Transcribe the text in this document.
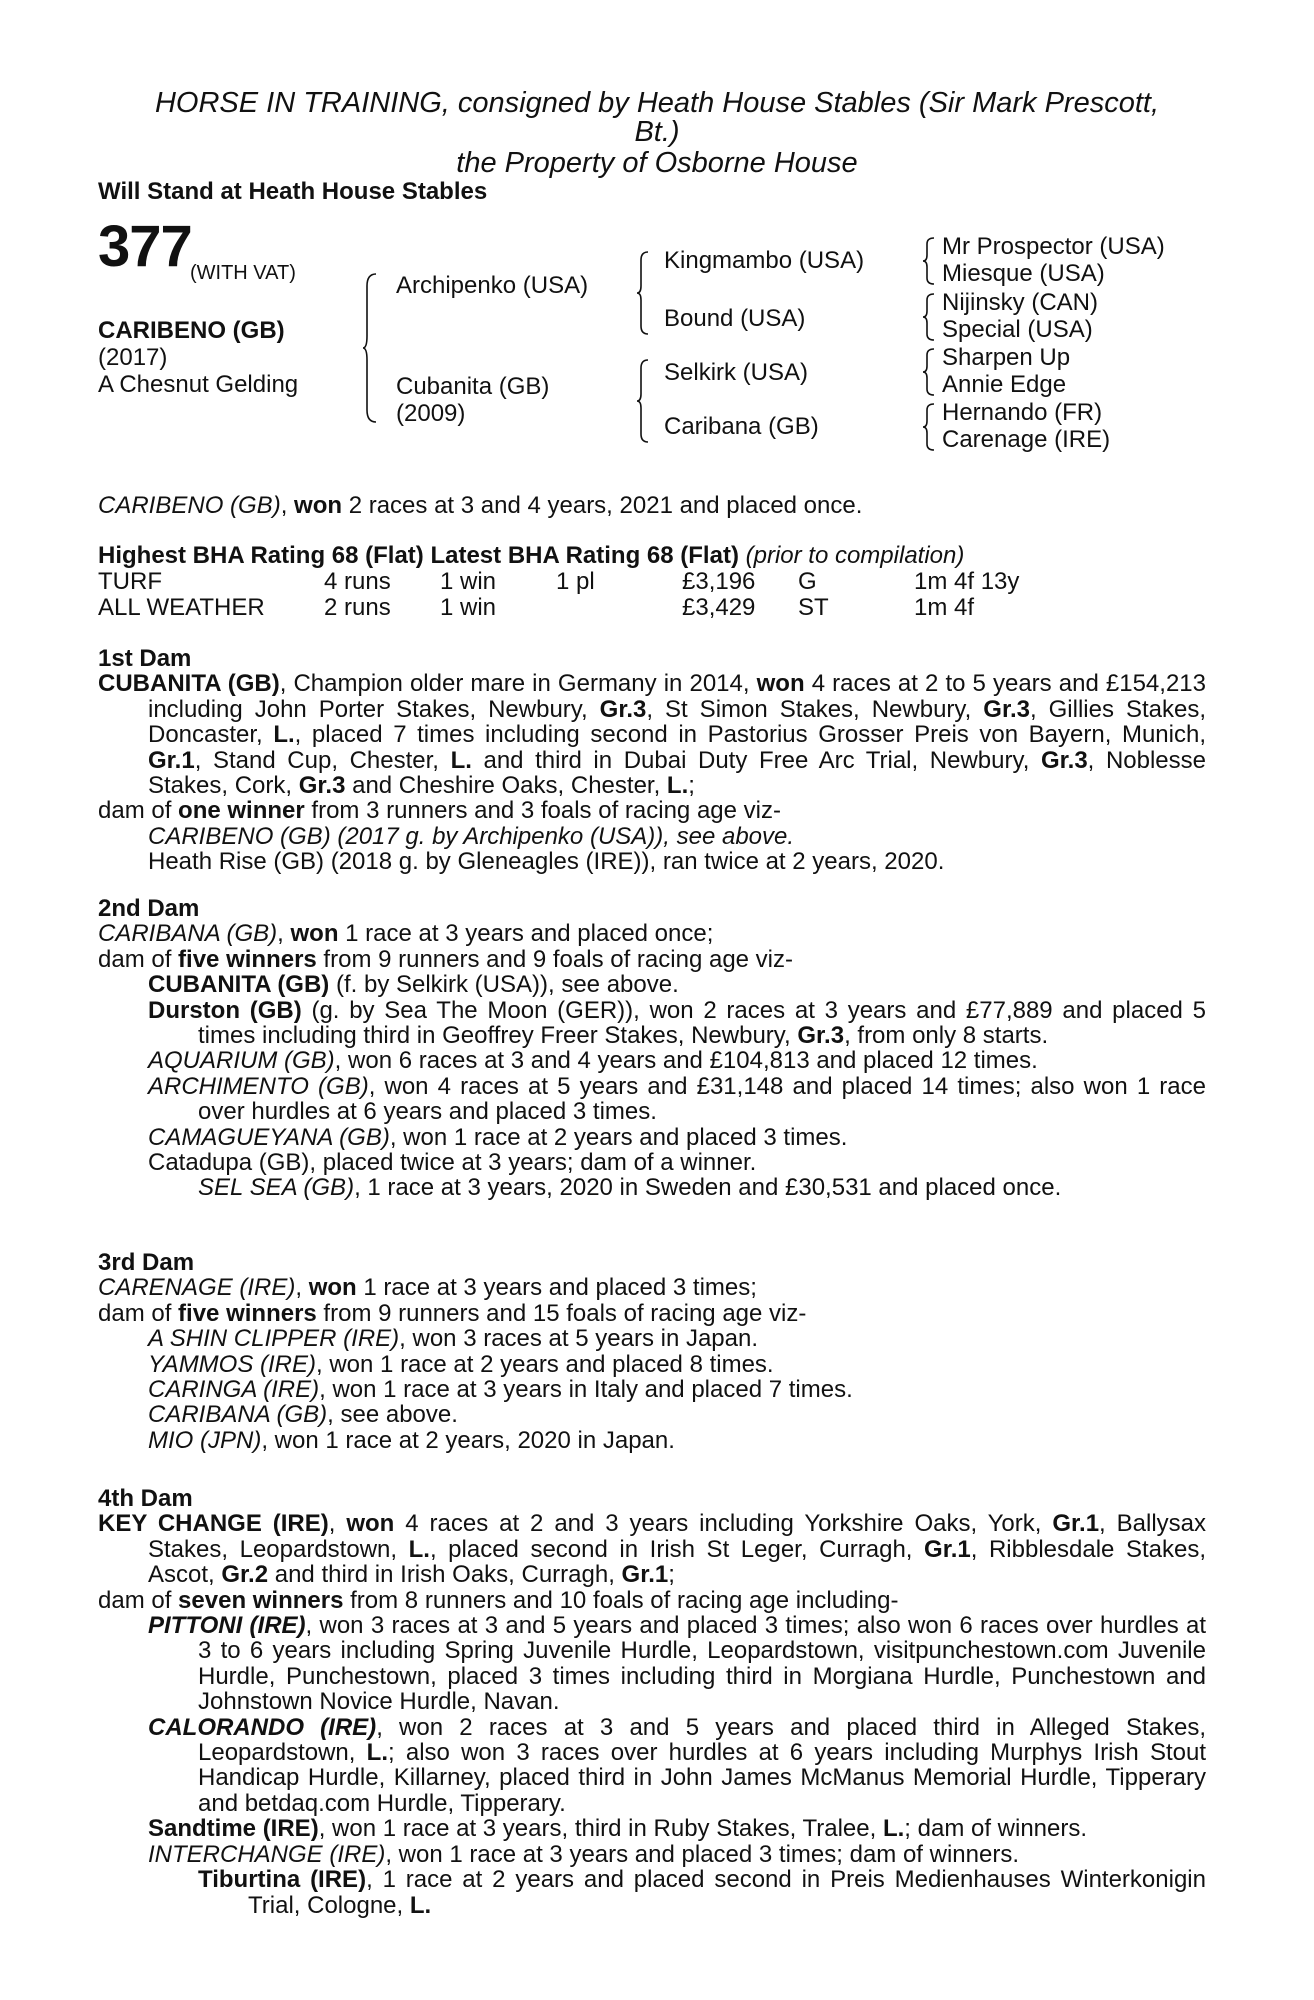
HORSE IN TRAINING, consigned by Heath House Stables (Sir Mark Prescott,
Bt.)
the Property of Osborne House
Will Stand at Heath House Stables
377
(WITH VAT)
CARIBENO (GB)
(2017)
A Chesnut Gelding
Archipenko (USA)
Cubanita (GB)
(2009)
Kingmambo (USA)
Bound (USA)
Selkirk (USA)
Caribana (GB)
Mr Prospector (USA)
Miesque (USA)
Nijinsky (CAN)
Special (USA)
Sharpen Up
Annie Edge
Hernando (FR)
Carenage (IRE)
CARIBENO (GB), won 2 races at 3 and 4 years, 2021 and placed once.
Highest BHA Rating 68 (Flat) Latest BHA Rating 68 (Flat) (prior to compilation)
TURF	4 runs 1 win 1 pl	£3,196 G	1m 4f 13y
ALL WEATHER 2 runs 1 win	£3,429 ST	1m 4f
1st Dam
CUBANITA (GB), Champion older mare in Germany in 2014, won 4 races at 2 to 5 years and £154,213 including John Porter Stakes, Newbury, Gr.3, St Simon Stakes, Newbury, Gr.3, Gillies Stakes, Doncaster, L., placed 7 times including second in Pastorius Grosser Preis von Bayern, Munich, Gr.1, Stand Cup, Chester, L. and third in Dubai Duty Free Arc Trial, Newbury, Gr.3, Noblesse Stakes, Cork, Gr.3 and Cheshire Oaks, Chester, L.;
dam of one winner from 3 runners and 3 foals of racing age viz-
CARIBENO (GB) (2017 g. by Archipenko (USA)), see above.
Heath Rise (GB) (2018 g. by Gleneagles (IRE)), ran twice at 2 years, 2020.
2nd Dam
CARIBANA (GB), won 1 race at 3 years and placed once;
dam of five winners from 9 runners and 9 foals of racing age viz-
CUBANITA (GB) (f. by Selkirk (USA)), see above.
Durston (GB) (g. by Sea The Moon (GER)), won 2 races at 3 years and £77,889 and placed 5 times including third in Geoffrey Freer Stakes, Newbury, Gr.3, from only 8 starts.
AQUARIUM (GB), won 6 races at 3 and 4 years and £104,813 and placed 12 times.
ARCHIMENTO (GB), won 4 races at 5 years and £31,148 and placed 14 times; also won 1 race over hurdles at 6 years and placed 3 times.
CAMAGUEYANA (GB), won 1 race at 2 years and placed 3 times.
Catadupa (GB), placed twice at 3 years; dam of a winner.
SEL SEA (GB), 1 race at 3 years, 2020 in Sweden and £30,531 and placed once.
3rd Dam
CARENAGE (IRE), won 1 race at 3 years and placed 3 times;
dam of five winners from 9 runners and 15 foals of racing age viz-
A SHIN CLIPPER (IRE), won 3 races at 5 years in Japan.
YAMMOS (IRE), won 1 race at 2 years and placed 8 times.
CARINGA (IRE), won 1 race at 3 years in Italy and placed 7 times.
CARIBANA (GB), see above.
MIO (JPN), won 1 race at 2 years, 2020 in Japan.
4th Dam
KEY CHANGE (IRE), won 4 races at 2 and 3 years including Yorkshire Oaks, York, Gr.1, Ballysax Stakes, Leopardstown, L., placed second in Irish St Leger, Curragh, Gr.1, Ribblesdale Stakes, Ascot, Gr.2 and third in Irish Oaks, Curragh, Gr.1;
dam of seven winners from 8 runners and 10 foals of racing age including-
PITTONI (IRE), won 3 races at 3 and 5 years and placed 3 times; also won 6 races over hurdles at 3 to 6 years including Spring Juvenile Hurdle, Leopardstown, visitpunchestown.com Juvenile Hurdle, Punchestown, placed 3 times including third in Morgiana Hurdle, Punchestown and Johnstown Novice Hurdle, Navan.
CALORANDO (IRE), won 2 races at 3 and 5 years and placed third in Alleged Stakes, Leopardstown, L.; also won 3 races over hurdles at 6 years including Murphys Irish Stout Handicap Hurdle, Killarney, placed third in John James McManus Memorial Hurdle, Tipperary and betdaq.com Hurdle, Tipperary.
Sandtime (IRE), won 1 race at 3 years, third in Ruby Stakes, Tralee, L.; dam of winners.
INTERCHANGE (IRE), won 1 race at 3 years and placed 3 times; dam of winners.
Tiburtina (IRE), 1 race at 2 years and placed second in Preis Medienhauses Winterkonigin Trial, Cologne, L.
